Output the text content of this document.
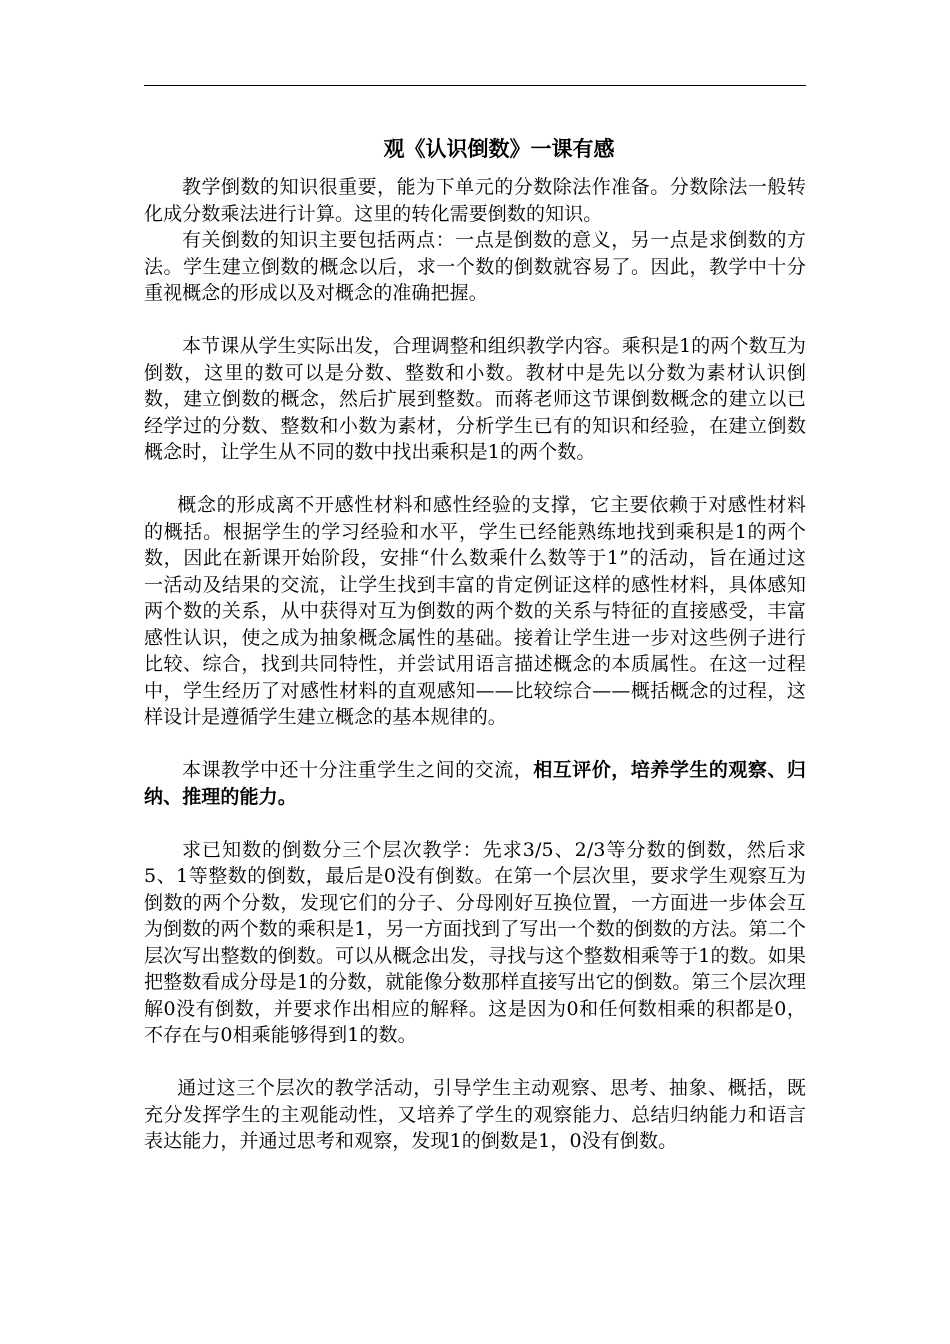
观《认识倒数》一课有感

教学倒数的知识很重要，能为下单元的分数除法作准备。分数除法一般转化成分数乘法进行计算。这里的转化需要倒数的知识。

有关倒数的知识主要包括两点：一点是倒数的意义，另一点是求倒数的方法。学生建立倒数的概念以后，求一个数的倒数就容易了。因此，教学中十分重视概念的形成以及对概念的准确把握。

本节课从学生实际出发，合理调整和组织教学内容。乘积是1的两个数互为倒数，这里的数可以是分数、整数和小数。教材中是先以分数为素材认识倒数，建立倒数的概念，然后扩展到整数。而蒋老师这节课倒数概念的建立以已经学过的分数、整数和小数为素材，分析学生已有的知识和经验，在建立倒数概念时，让学生从不同的数中找出乘积是1的两个数。

概念的形成离不开感性材料和感性经验的支撑，它主要依赖于对感性材料的概括。根据学生的学习经验和水平，学生已经能熟练地找到乘积是1的两个数，因此在新课开始阶段，安排“什么数乘什么数等于1”的活动，旨在通过这一活动及结果的交流，让学生找到丰富的肯定例证这样的感性材料，具体感知两个数的关系，从中获得对互为倒数的两个数的关系与特征的直接感受，丰富感性认识，使之成为抽象概念属性的基础。接着让学生进一步对这些例子进行比较、综合，找到共同特性，并尝试用语言描述概念的本质属性。在这一过程中，学生经历了对感性材料的直观感知——比较综合——概括概念的过程，这样设计是遵循学生建立概念的基本规律的。

本课教学中还十分注重学生之间的交流，相互评价，培养学生的观察、归纳、推理的能力。

求已知数的倒数分三个层次教学：先求3/5、2/3等分数的倒数，然后求5、1等整数的倒数，最后是0没有倒数。在第一个层次里，要求学生观察互为倒数的两个分数，发现它们的分子、分母刚好互换位置，一方面进一步体会互为倒数的两个数的乘积是1，另一方面找到了写出一个数的倒数的方法。第二个层次写出整数的倒数。可以从概念出发，寻找与这个整数相乘等于1的数。如果把整数看成分母是1的分数，就能像分数那样直接写出它的倒数。第三个层次理解0没有倒数，并要求作出相应的解释。这是因为0和任何数相乘的积都是0，不存在与0相乘能够得到1的数。

通过这三个层次的教学活动，引导学生主动观察、思考、抽象、概括，既充分发挥学生的主观能动性，又培养了学生的观察能力、总结归纳能力和语言表达能力，并通过思考和观察，发现1的倒数是1，0没有倒数。
